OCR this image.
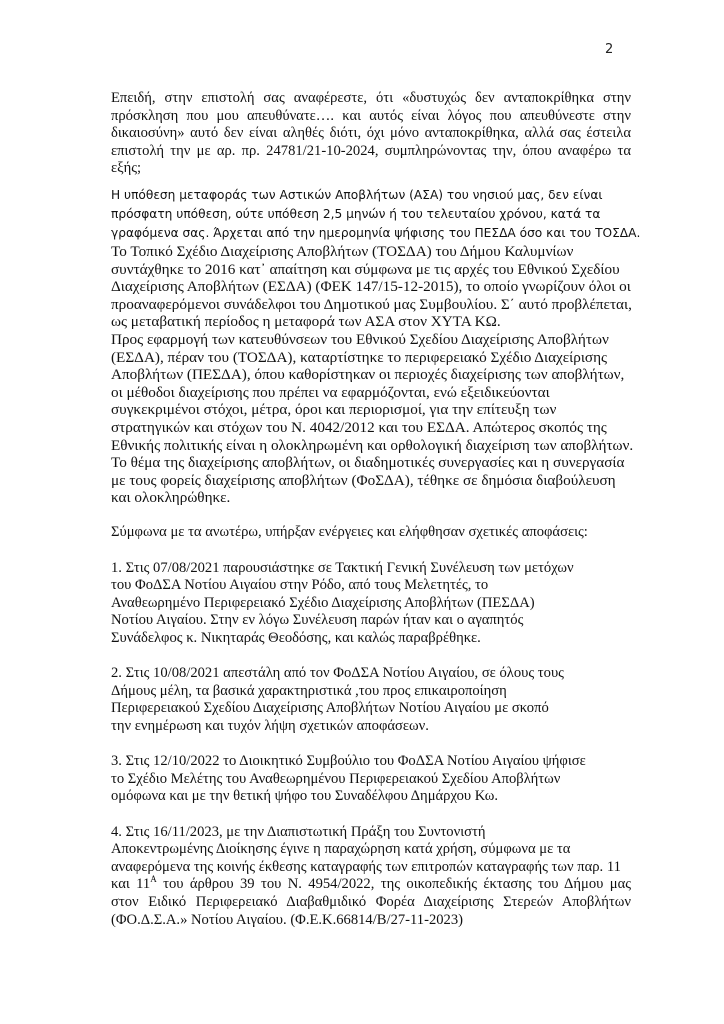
2
Επειδή, στην επιστολή σας αναφέρεστε, ότι «δυστυχώς δεν ανταποκρίθηκα στην
πρόσκληση που μου απευθύνατε…. και αυτός είναι λόγος που απευθύνεστε στην
δικαιοσύνη» αυτό δεν είναι αληθές διότι, όχι μόνο ανταποκρίθηκα, αλλά σας έστειλα
επιστολή την με αρ. πρ. 24781/21-10-2024, συμπληρώνοντας την, όπου αναφέρω τα
εξής;
Η υπόθεση μεταφοράς των Αστικών Αποβλήτων (ΑΣΑ) του νησιού μας, δεν είναι
πρόσφατη υπόθεση, ούτε υπόθεση 2,5 μηνών ή του τελευταίου χρόνου, κατά τα
γραφόμενα σας. Άρχεται από την ημερομηνία ψήφισης του ΠΕΣΔΑ όσο και του ΤΟΣΔΑ.
Το Τοπικό Σχέδιο Διαχείρισης Αποβλήτων (ΤΟΣΔΑ) του Δήμου Καλυμνίων
συντάχθηκε το 2016 κατ᾽ απαίτηση και σύμφωνα με τις αρχές του Εθνικού Σχεδίου
Διαχείρισης Αποβλήτων (ΕΣΔΑ) (ΦΕΚ 147/15-12-2015), το οποίο γνωρίζουν όλοι οι
προαναφερόμενοι συνάδελφοι του Δημοτικού μας Συμβουλίου. Σ΄ αυτό προβλέπεται,
ως μεταβατική περίοδος η μεταφορά των ΑΣΑ στον ΧΥΤΑ ΚΩ.
Προς εφαρμογή των κατευθύνσεων του Εθνικού Σχεδίου Διαχείρισης Αποβλήτων
(ΕΣΔΑ), πέραν του (ΤΟΣΔΑ), καταρτίστηκε το περιφερειακό Σχέδιο Διαχείρισης
Αποβλήτων (ΠΕΣΔΑ), όπου καθορίστηκαν οι περιοχές διαχείρισης των αποβλήτων,
οι μέθοδοι διαχείρισης που πρέπει να εφαρμόζονται, ενώ εξειδικεύονται
συγκεκριμένοι στόχοι, μέτρα, όροι και περιορισμοί, για την επίτευξη των
στρατηγικών και στόχων του Ν. 4042/2012 και του ΕΣΔΑ. Απώτερος σκοπός της
Εθνικής πολιτικής είναι η ολοκληρωμένη και ορθολογική διαχείριση των αποβλήτων.
Το θέμα της διαχείρισης αποβλήτων, οι διαδημοτικές συνεργασίες και η συνεργασία
με τους φορείς διαχείρισης αποβλήτων (ΦοΣΔΑ), τέθηκε σε δημόσια διαβούλευση
και ολοκληρώθηκε.
Σύμφωνα με τα ανωτέρω, υπήρξαν ενέργειες και ελήφθησαν σχετικές αποφάσεις:
1. Στις 07/08/2021 παρουσιάστηκε σε Τακτική Γενική Συνέλευση των μετόχων
του ΦοΔΣΑ Νοτίου Αιγαίου στην Ρόδο, από τους Μελετητές, το
Αναθεωρημένο Περιφερειακό Σχέδιο Διαχείρισης Αποβλήτων (ΠΕΣΔΑ)
Νοτίου Αιγαίου. Στην εν λόγω Συνέλευση παρών ήταν και ο αγαπητός
Συνάδελφος κ. Νικηταράς Θεοδόσης, και καλώς παραβρέθηκε.
2. Στις 10/08/2021 απεστάλη από τον ΦοΔΣΑ Νοτίου Αιγαίου, σε όλους τους
Δήμους μέλη, τα βασικά χαρακτηριστικά ,του προς επικαιροποίηση
Περιφερειακού Σχεδίου Διαχείρισης Αποβλήτων Νοτίου Αιγαίου με σκοπό
την ενημέρωση και τυχόν λήψη σχετικών αποφάσεων.
3. Στις 12/10/2022 το Διοικητικό Συμβούλιο του ΦοΔΣΑ Νοτίου Αιγαίου ψήφισε
το Σχέδιο Μελέτης του Αναθεωρημένου Περιφερειακού Σχεδίου Αποβλήτων
ομόφωνα και με την θετική ψήφο του Συναδέλφου Δημάρχου Κω.
4. Στις 16/11/2023, με την Διαπιστωτική Πράξη του Συντονιστή
Αποκεντρωμένης Διοίκησης έγινε η παραχώρηση κατά χρήση, σύμφωνα με τα
αναφερόμενα της κοινής έκθεσης καταγραφής των επιτροπών καταγραφής των παρ. 11
και $11^A$ του άρθρου 39 του Ν. 4954/2022, της οικοπεδικής έκτασης του Δήμου μας
στον Ειδικό Περιφερειακό Διαβαθμιδικό Φορέα Διαχείρισης Στερεών Αποβλήτων
(ΦΟ.Δ.Σ.Α.» Νοτίου Αιγαίου. (Φ.Ε.Κ.66814/Β/27-11-2023)
